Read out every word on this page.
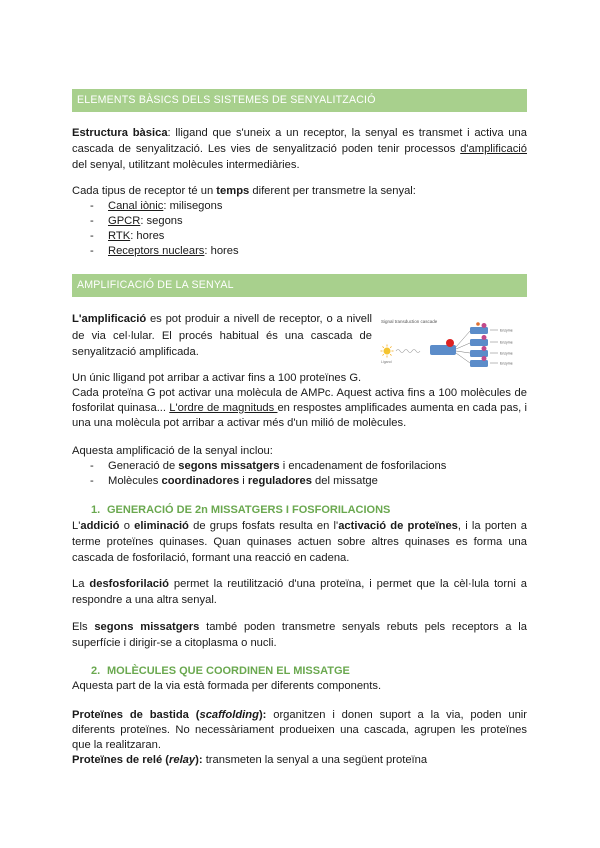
ELEMENTS BÀSICS DELS SISTEMES DE SENYALITZACIÓ
Estructura bàsica: lligand que s'uneix a un receptor, la senyal es transmet i activa una cascada de senyalització. Les vies de senyalització poden tenir processos d'amplificació del senyal, utilitzant molècules intermediàries.
Cada tipus de receptor té un temps diferent per transmetre la senyal:
- Canal iònic: milisegons
- GPCR: segons
- RTK: hores
- Receptors nuclears: hores
AMPLIFICACIÓ DE LA SENYAL
L'amplificació es pot produir a nivell de receptor, o a nivell de via cel·lular. El procés habitual és una cascada de senyalització amplificada.
Signal transduction cascade
Ligand
Enzyme
Enzyme
Enzyme
Enzyme
Un únic lligand pot arribar a activar fins a 100 proteïnes G.
Cada proteïna G pot activar una molècula de AMPc. Aquest activa fins a 100 molècules de fosforilat quinasa... L'ordre de magnituds en respostes amplificades aumenta en cada pas, i una una molècula pot arribar a activar més d'un milió de molècules.
Aquesta amplificació de la senyal inclou:
- Generació de segons missatgers i encadenament de fosforilacions
- Molècules coordinadores i reguladores del missatge
1. GENERACIÓ DE 2n MISSATGERS I FOSFORILACIONS
L'addició o eliminació de grups fosfats resulta en l'activació de proteïnes, i la porten a terme proteïnes quinases. Quan quinases actuen sobre altres quinases es forma una cascada de fosforilació, formant una reacció en cadena.
La desfosforilació permet la reutilització d'una proteïna, i permet que la cèl·lula torni a respondre a una altra senyal.
Els segons missatgers també poden transmetre senyals rebuts pels receptors a la superfície i dirigir-se a citoplasma o nucli.
2. MOLÈCULES QUE COORDINEN EL MISSATGE
Aquesta part de la via està formada per diferents components.
Proteïnes de bastida (scaffolding): organitzen i donen suport a la via, poden unir diferents proteïnes. No necessàriament produeixen una cascada, agrupen les proteïnes que la realitzaran.
Proteïnes de relé (relay): transmeten la senyal a una següent proteïna
